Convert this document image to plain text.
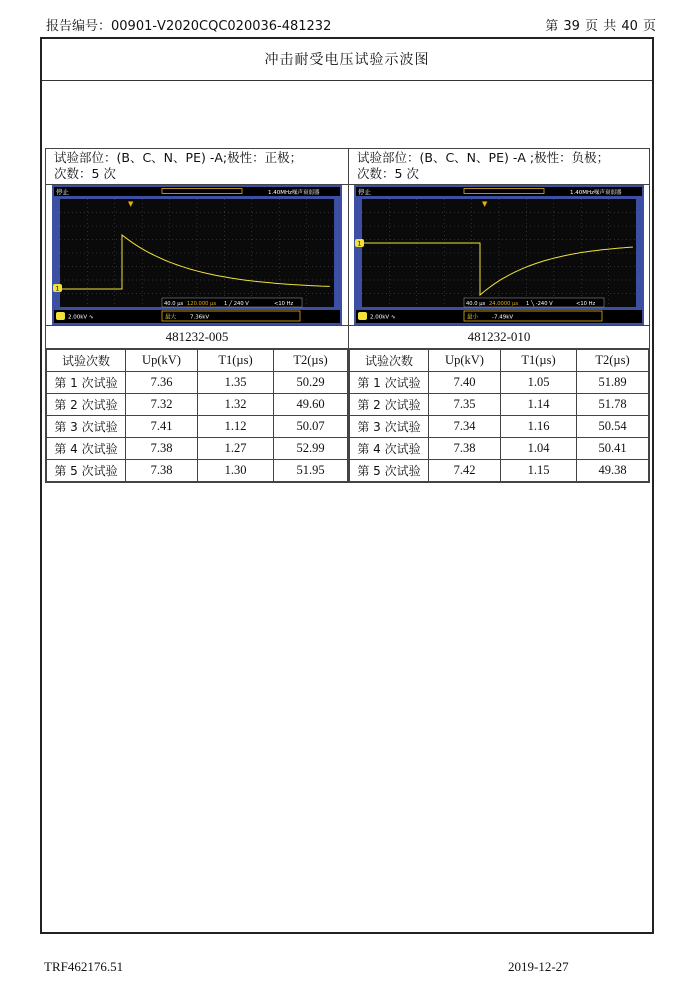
报告编号：00901-V2020CQC020036-481232	第 39 页 共 40 页
冲击耐受电压试验示波图
试验部位：(B、C、N、PE) -A;极性：正极；
次数：5 次

试验部位：(B、C、N、PE) -A ;极性：负极；
次数：5 次

停止	1.40MHz 噪声衰弱器
▼
1
40.0 µs 120.000 µs 1 ╱ 240 V	<10 Hz
2.00kV ∿	最大	7.36kV

停止	1.40MHz 噪声衰弱器
▼
1
40.0 µs 24.0000 µs 1 ╲ -240 V	<10 Hz
2.00kV ∿	最小	-7.49kV

481232-005	481232-010

试验次数	Up(kV)	T1(µs)	T2(µs)
第 1 次试验	7.36	1.35	50.29
第 2 次试验	7.32	1.32	49.60
第 3 次试验	7.41	1.12	50.07
第 4 次试验	7.38	1.27	52.99
第 5 次试验	7.38	1.30	51.95

试验次数	Up(kV)	T1(µs)	T2(µs)
第 1 次试验	7.40	1.05	51.89
第 2 次试验	7.35	1.14	51.78
第 3 次试验	7.34	1.16	50.54
第 4 次试验	7.38	1.04	50.41
第 5 次试验	7.42	1.15	49.38
TRF462176.51	2019-12-27
